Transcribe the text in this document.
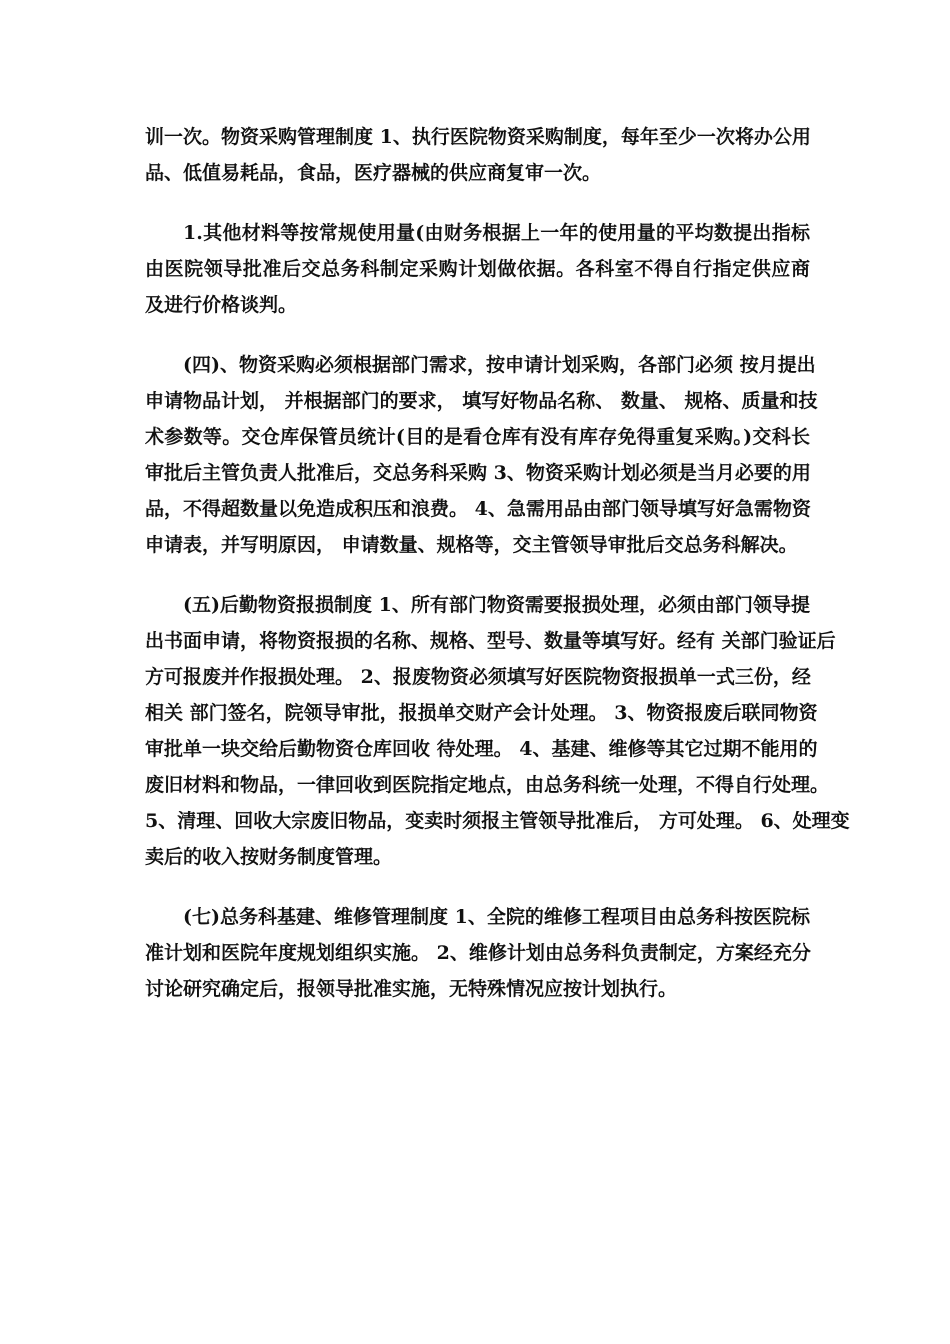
训一次。物资采购管理制度 1、执行医院物资采购制度，每年至少一次将办公用
品、低值易耗品，食品，医疗器械的供应商复审一次。
1.其他材料等按常规使用量(由财务根据上一年的使用量的平均数提出指标
由医院领导批准后交总务科制定采购计划做依据。各科室不得自行指定供应商
及进行价格谈判。
(四)、物资采购必须根据部门需求，按申请计划采购，各部门必须 按月提出
申请物品计划， 并根据部门的要求， 填写好物品名称、 数量、 规格、质量和技
术参数等。交仓库保管员统计(目的是看仓库有没有库存免得重复采购。)交科长
审批后主管负责人批准后，交总务科采购 3、物资采购计划必须是当月必要的用
品，不得超数量以免造成积压和浪费。 4、急需用品由部门领导填写好急需物资
申请表，并写明原因， 申请数量、规格等，交主管领导审批后交总务科解决。
(五)后勤物资报损制度 1、所有部门物资需要报损处理，必须由部门领导提
出书面申请，将物资报损的名称、规格、型号、数量等填写好。经有 关部门验证后
方可报废并作报损处理。 2、报废物资必须填写好医院物资报损单一式三份，经
相关 部门签名，院领导审批，报损单交财产会计处理。 3、物资报废后联同物资
审批单一块交给后勤物资仓库回收 待处理。 4、基建、维修等其它过期不能用的
废旧材料和物品，一律回收到医院指定地点，由总务科统一处理，不得自行处理。
5、清理、回收大宗废旧物品，变卖时须报主管领导批准后， 方可处理。 6、处理变
卖后的收入按财务制度管理。
(七)总务科基建、维修管理制度 1、全院的维修工程项目由总务科按医院标
准计划和医院年度规划组织实施。 2、维修计划由总务科负责制定，方案经充分
讨论研究确定后，报领导批准实施，无特殊情况应按计划执行。
